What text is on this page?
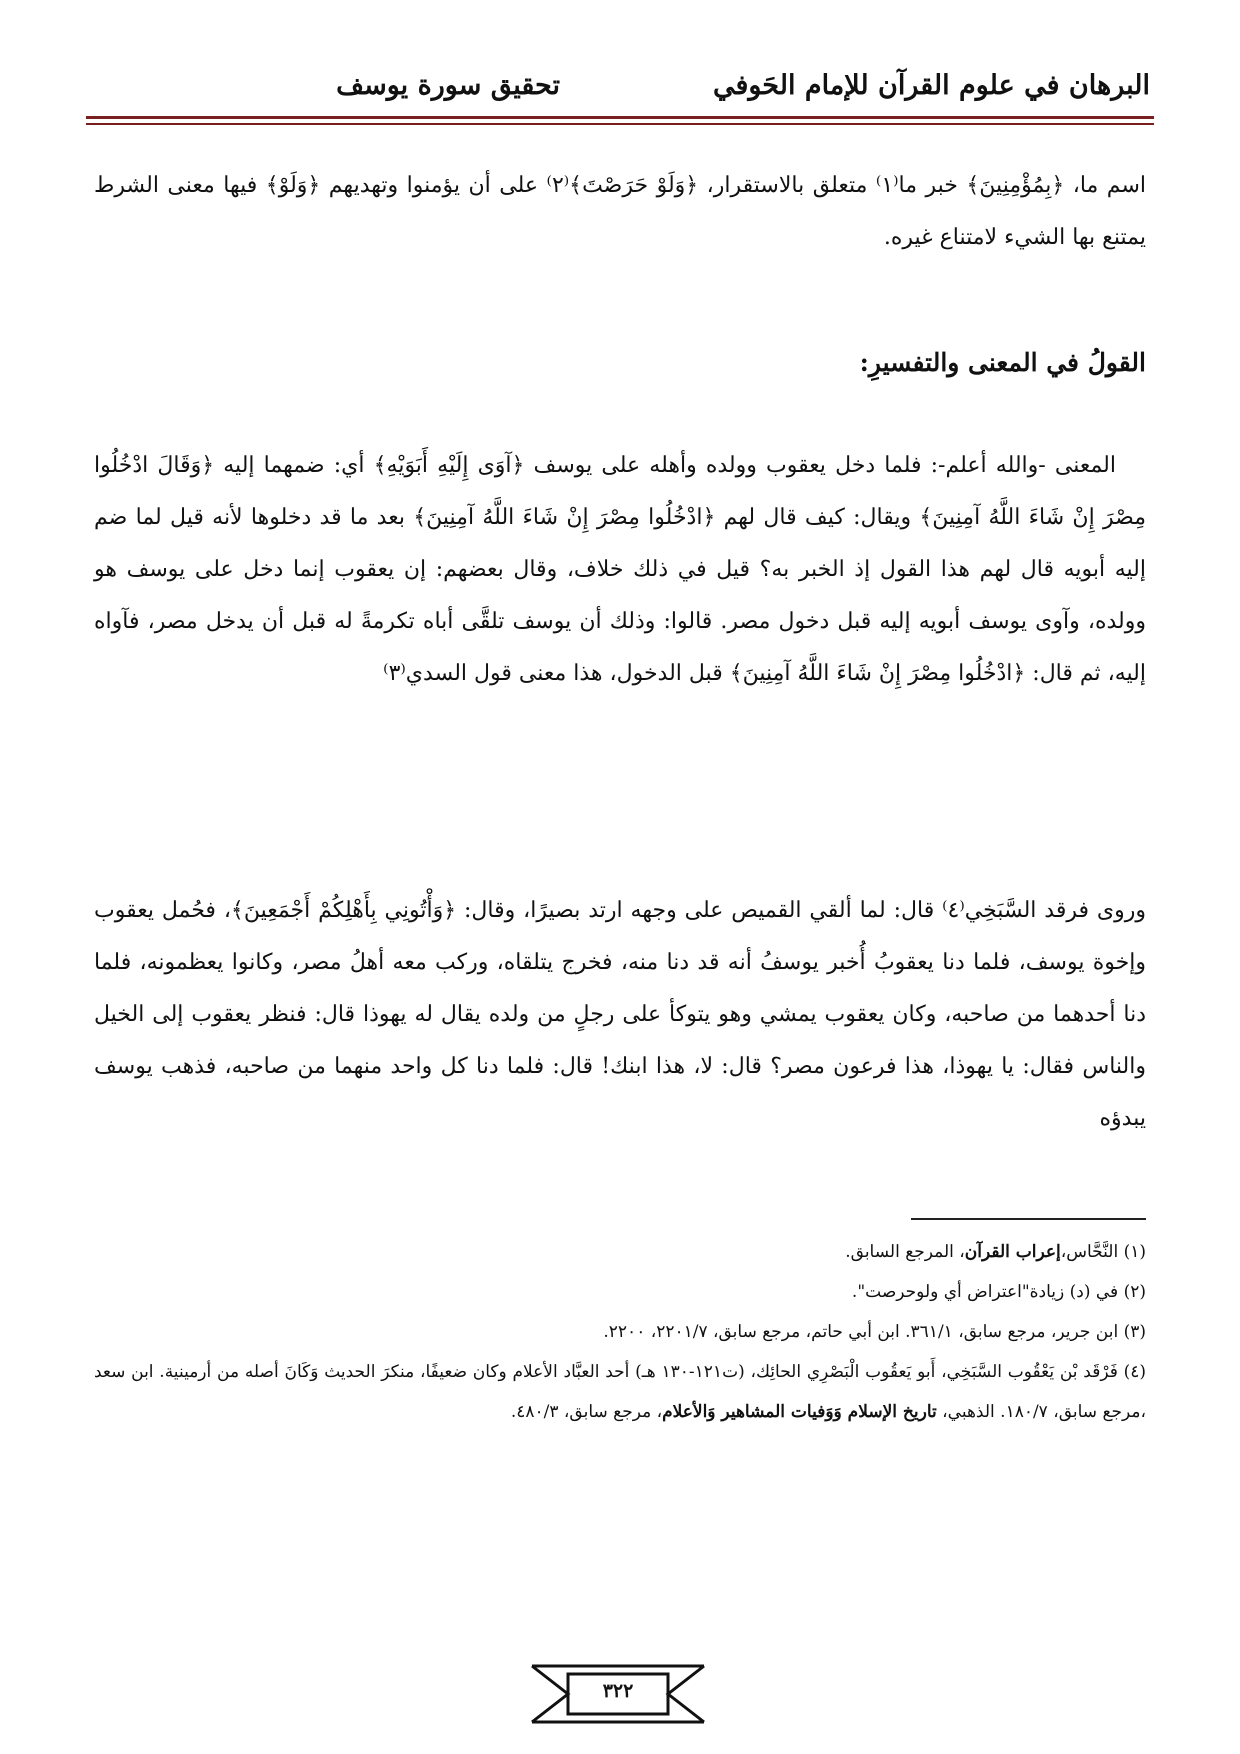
البرهان في علوم القرآن للإمام الحَوفي
تحقيق سورة يوسف

اسم ما، ﴿بِمُؤْمِنِينَ﴾ خبر ما⁽١⁾ متعلق بالاستقرار، ﴿وَلَوْ حَرَصْتَ﴾⁽٢⁾ على أن يؤمنوا وتهديهم ﴿وَلَوْ﴾ فيها معنى الشرط يمتنع بها الشيء لامتناع غيره.

القولُ في المعنى والتفسيرِ:

المعنى -والله أعلم-: فلما دخل يعقوب وولده وأهله على يوسف ﴿آوَى إِلَيْهِ أَبَوَيْهِ﴾ أي: ضمهما إليه ﴿وَقَالَ ادْخُلُوا مِصْرَ إِنْ شَاءَ اللَّهُ آمِنِينَ﴾ ويقال: كيف قال لهم ﴿ادْخُلُوا مِصْرَ إِنْ شَاءَ اللَّهُ آمِنِينَ﴾ بعد ما قد دخلوها لأنه قيل لما ضم إليه أبويه قال لهم هذا القول إذ الخبر به؟ قيل في ذلك خلاف، وقال بعضهم: إن يعقوب إنما دخل على يوسف هو وولده، وآوى يوسف أبويه إليه قبل دخول مصر. قالوا: وذلك أن يوسف تلقَّى أباه تكرمةً له قبل أن يدخل مصر، فآواه إليه، ثم قال: ﴿ادْخُلُوا مِصْرَ إِنْ شَاءَ اللَّهُ آمِنِينَ﴾ قبل الدخول، هذا معنى قول السدي⁽٣⁾

وروى فرقد السَّبَخِي⁽٤⁾ قال: لما ألقي القميص على وجهه ارتد بصيرًا، وقال: ﴿وَأْتُونِي بِأَهْلِكُمْ أَجْمَعِينَ﴾، فحُمل يعقوب وإخوة يوسف، فلما دنا يعقوبُ أُخبر يوسفُ أنه قد دنا منه، فخرج يتلقاه، وركب معه أهلُ مصر، وكانوا يعظمونه، فلما دنا أحدهما من صاحبه، وكان يعقوب يمشي وهو يتوكأ على رجلٍ من ولده يقال له يهوذا قال: فنظر يعقوب إلى الخيل والناس فقال: يا يهوذا، هذا فرعون مصر؟ قال: لا، هذا ابنك! قال: فلما دنا كل واحد منهما من صاحبه، فذهب يوسف يبدؤه

(١) النَّحَّاس،إعراب القرآن، المرجع السابق.

(٢) في (د) زيادة"اعتراض أي ولوحرصت".

(٣) ابن جرير، مرجع سابق، ٣٦١/١. ابن أبي حاتم، مرجع سابق، ٢٢٠١/٧، ٢٢٠٠.

(٤) فَرْقَد بْن يَعْقُوب السَّبَخِي، أَبو يَعقُوب الْبَصْرِي الحائِك، (ت١٢١-١٣٠ هـ) أحد العبَّاد الأعلام وكان ضعيفًا، منكرَ الحديث وَكَانَ أصله من أرمينية. ابن سعد ،مرجع سابق، ١٨٠/٧. الذهبي، تاريخ الإسلام وَوَفيات المشاهير وَالأعلام، مرجع سابق، ٤٨٠/٣.

٣٢٢
